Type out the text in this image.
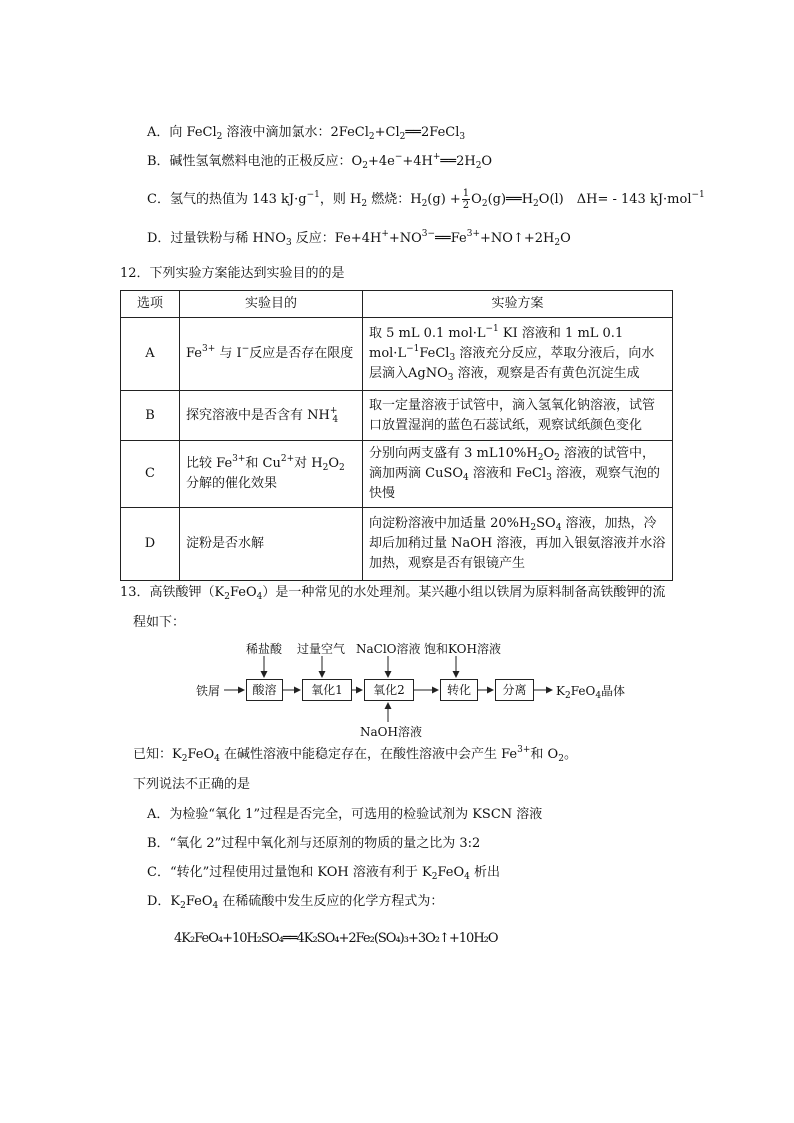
A．向 FeCl$_2$ 溶液中滴加氯水：$2FeCl_2+Cl_2══2FeCl_3$
B．碱性氢氧燃料电池的正极反应：$O_2+4e^-+4H^+══2H_2O$
C．氢气的热值为 143 $kJ\cdot g^{-1}$，则 $H_2$ 燃烧：$H_2(g) + \frac{1}{2}$ $O_2(g)══H_2O(l)$　ΔH= - 143 kJ·mol$^{-1}$
D．过量铁粉与稀 $HNO_3$ 反应：$Fe+4H^++NO^{3-}══Fe^{3+}+NO↑+2H_2O$
12．下列实验方案能达到实验目的的是
选项	实验目的	实验方案
A	$Fe^{3+}$ 与 I−反应是否存在限度	取 5 mL 0.1 $mol\cdot L^{-1}$ KI 溶液和 1 mL 0.1 $mol\cdot L^{-1}FeCl_3$ 溶液充分反应，萃取分液后，向水层滴入AgNO$_3$ 溶液，观察是否有黄色沉淀生成
B	探究溶液中是否含有 $NH^+_4$	取一定量溶液于试管中，滴入氢氧化钠溶液，试管口放置湿润的蓝色石蕊试纸，观察试纸颜色变化
C	比较 $Fe^{3+}$和 $Cu^{2+}$对 $H_2O_2$ 分解的催化效果	分别向两支盛有 3 $mL10\%H_2O_2$ 溶液的试管中，滴加两滴 CuSO$_4$ 溶液和 FeCl$_3$ 溶液，观察气泡的快慢
D	淀粉是否水解	向淀粉溶液中加适量 $20\%H_2SO_4$ 溶液，加热，冷却后加稍过量 NaOH 溶液，再加入银氨溶液并水浴加热，观察是否有银镜产生
13．高铁酸钾$(K_2FeO_4)$是一种常见的水处理剂。某兴趣小组以铁屑为原料制备高铁酸钾的流
程如下：
铁屑	酸溶	氧化1	氧化2	转化	分离	$K_2FeO_4$晶体
稀盐酸 过量空气 NaClO溶液 饱和KOH溶液
NaOH溶液
已知：$K_2FeO_4$ 在碱性溶液中能稳定存在，在酸性溶液中会产生 $Fe^{3+}$和 $O_2$。
下列说法不正确的是
A．为检验“氧化 1”过程是否完全，可选用的检验试剂为 KSCN 溶液
B．“氧化 2”过程中氧化剂与还原剂的物质的量之比为 3:2
C．“转化”过程使用过量饱和 KOH 溶液有利于 $K_2FeO_4$ 析出
D．$K_2FeO_4$ 在稀硫酸中发生反应的化学方程式为：
4K₂FeO₄+10H₂SO₄══4K₂SO₄+2Fe₂(SO₄)₃+3O₂↑+10H₂O
